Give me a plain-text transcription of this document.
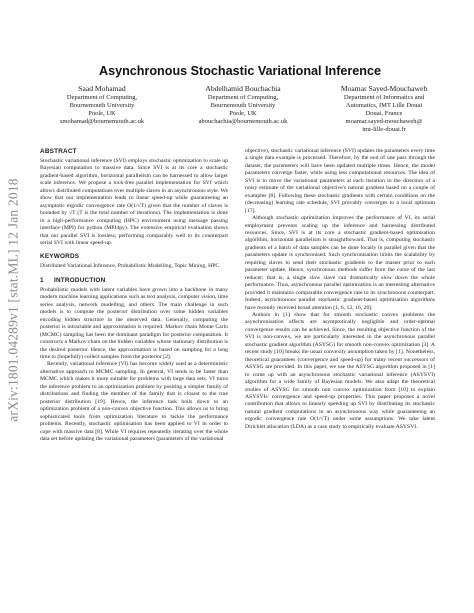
arXiv:1801.04289v1 [stat.ML] 12 Jan 2018
Asynchronous Stochastic Variational Inference
Saad Mohamad
Department of Computing,
Bournemouth University
Poole, UK
smohamad@bournemouth.ac.uk
Abdelhamid Bouchachia
Department of Computing,
Bournemouth University
Poole, UK
abouchachia@bournemouth.ac.uk
Moamar Sayed-Mouchaweh
Department of Informatics and
Automatics, IMT Lille Douai
Douai, France
moamar.sayed-mouchaweh@
imt-lille-douai.fr
ABSTRACT

Stochastic variational inference (SVI) employs stochastic optimization to scale up Bayesian computation to massive data. Since SVI is at its core a stochastic gradient-based algorithm, horizontal parallelism can be harnessed to allow larger scale inference. We propose a lock-free parallel implementation for SVI which allows distributed computations over multiple slaves in an asynchronous style. We show that our implementation leads to linear speed-up while guaranteeing an asymptotic ergodic convergence rate O(1/√T) given that the number of slaves is bounded by √T (T is the total number of iterations). The implementation is done in a high-performance computing (HPC) environment using message passing interface (MPI) for python (MPI4py). The extensive empirical evaluation shows that our parallel SVI is lossless, performing comparably well to its counterpart serial SVI with linear speed-up.

KEYWORDS

Distributed Variational Inference, Probabilistic Modelling, Topic Mining, HPC

1 INTRODUCTION

Probabilistic models with latent variables have grown into a backbone in many modern machine learning applications such as text analysis, computer vision, time series analysis, network modelling, and others. The main challenge in such models is to compute the posterior distribution over some hidden variables encoding hidden structure in the observed data. Generally, computing the posterior is intractable and approximation is required. Markov chain Monte Carlo (MCMC) sampling has been the dominant paradigm for posterior computation. It constructs a Markov chain on the hidden variables whose stationary distribution is the desired posterior. Hence, the approximation is based on sampling for a long time to (hopefully) collect samples from the posterior [2].

Recently, variational inference (VI) has become widely used as a deterministic alternative approach to MCMC sampling. In general, VI tends to be faster than MCMC which makes it more suitable for problems with large data sets. VI turns the inference problem to an optimization problem by positing a simpler family of distributions and finding the member of the family that is closest to the true posterior distribution [19]. Hence, the inference task boils down to an optimization problem of a non-convex objective function. This allows us to bring sophisticated tools from optimization literature to tackle the performance problems. Recently, stochastic optimisation has been applied to VI in order to cope with massive data [8]. While VI requires repeatedly iterating over the whole data set before updating the variational parameters (parameters of the variational

objective), stochastic variational inference (SVI) updates the parameters every time a single data example is processed. Therefore, by the end of one pass through the dataset, the parameters will have been updated multiple times. Hence, the model parameters converge faster, while using less computational resources. The idea of SVI is to move the variational parameters at each iteration in the direction of a noisy estimate of the variational objective's natural gradient based on a couple of examples [8]. Following these stochastic gradients with certain conditions on the (decreasing) learning rate schedule, SVI provably converges to a local optimum [17].

Although stochastic optimization improves the performance of VI, its serial employment prevents scaling up the inference and harnessing distributed resources. Since, SVI is at its core a stochastic gradient-based optimisation algorithm, horizontal parallelism is straightforward. That is, computing stochastic gradients of a batch of data samples can be done locally in parallel given that the parameters update is synchronised. Such synchronisation limits the scalability by requiring slaves to send their stochastic gradients to the master prior to each parameter update. Hence, synchronous methods suffer from the curse of the last reducer; that is, a single slow slave can dramatically slow down the whole performance. Thus, asynchronous parallel optimization is an interesting alternative provided it maintains comparable convergence rate to its synchronous counterpart. Indeed, asynchronous parallel stochastic gradient-based optimisation algorithms have recently received broad attention [1, 6, 12, 16, 20].

Authors in [1] show that for smooth stochastic convex problems the asynchronisation effects are asymptotically negligible and order-optimal convergence results can be achieved. Since, the resulting objective function of the SVI is non-convex, we are particularly interested in the asynchronous parallel stochastic gradient algorithm (ASYSG) for smooth non-convex optimization [3]. A recent study [10] breaks the usual convexity assumption taken by [1]. Nonetheless, theoretical guarantees (convergence and speed-up) for many recent successors of ASYSG are provided. In this paper, we use the ASYSG algorithm proposed in [1] to come up with an asynchronous stochastic variational inference (ASYSVI) algorithm for a wide family of Bayesian models. We also adapt the theoretical studies of ASYSG for smooth non convex optimization from [10] to explain ASYSVIs' convergence and speed-up properties. This paper proposes a novel contribution that allows to linearly speeding up SVI by distributing its stochastic natural gradient computations in an asynchronous way while guaranteeing an ergodic convergence rate O(1/√T) under some assumptions. We take latent Dirichlet allocation (LDA) as a case study to empirically evaluate ASYSVI.
